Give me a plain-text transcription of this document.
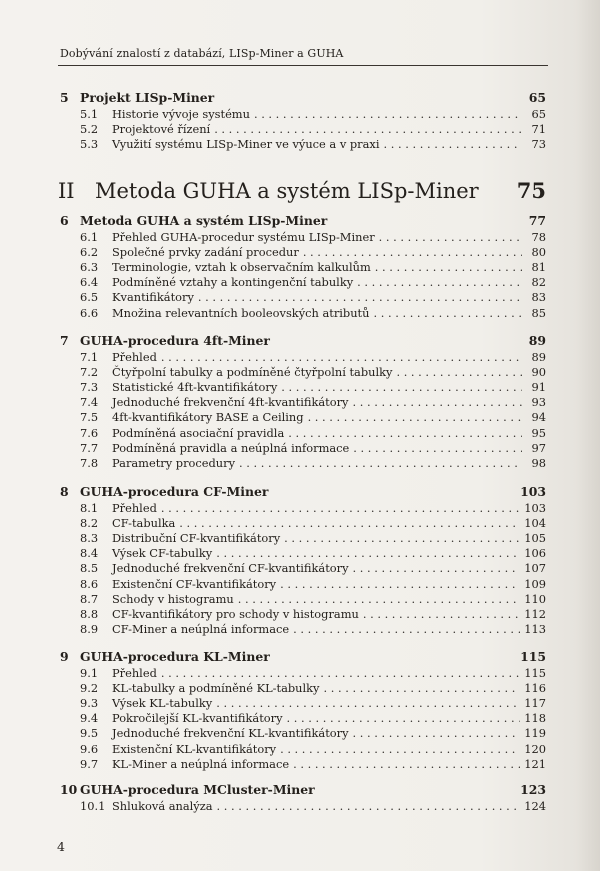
Dobývání znalostí z databází, LISp-Miner a GUHA
II Metoda GUHA a systém LISp-Miner 75
5 Projekt LISp-Miner	65
5.1	Historie vývoje systému . . .	65
5.2	Projektové řízení . . .	71
5.3	Využití systému LISp-Miner ve výuce a v praxi . . .	73
6 Metoda GUHA a systém LISp-Miner	77
6.1	Přehled GUHA-procedur systému LISp-Miner . . .	78
6.2	Společné prvky zadání procedur . . .	80
6.3	Terminologie, vztah k observačním kalkulům . . .	81
6.4	Podmíněné vztahy a kontingenční tabulky . . .	82
6.5	Kvantifikátory . . .	83
6.6	Množina relevantních booleovských atributů . . .	85
7 GUHA-procedura 4ft-Miner	89
7.1	Přehled . . .	89
7.2	Čtyřpolní tabulky a podmíněné čtyřpolní tabulky . . .	90
7.3	Statistické 4ft-kvantifikátory . . .	91
7.4	Jednoduché frekvenční 4ft-kvantifikátory . . .	93
7.5	4ft-kvantifikátory BASE a Ceiling . . .	94
7.6	Podmíněná asociační pravidla . . .	95
7.7	Podmíněná pravidla a neúplná informace . . .	97
7.8	Parametry procedury . . .	98
8 GUHA-procedura CF-Miner	103
8.1	Přehled . . .	103
8.2	CF-tabulka . . .	104
8.3	Distribuční CF-kvantifikátory . . .	105
8.4	Výsek CF-tabulky . . .	106
8.5	Jednoduché frekvenční CF-kvantifikátory . . .	107
8.6	Existenční CF-kvantifikátory . . .	109
8.7	Schody v histogramu . . .	110
8.8	CF-kvantifikátory pro schody v histogramu . . .	112
8.9	CF-Miner a neúplná informace . . .	113
9 GUHA-procedura KL-Miner	115
9.1	Přehled . . .	115
9.2	KL-tabulky a podmíněné KL-tabulky . . .	116
9.3	Výsek KL-tabulky . . .	117
9.4	Pokročilejší KL-kvantifikátory . . .	118
9.5	Jednoduché frekvenční KL-kvantifikátory . . .	119
9.6	Existenční KL-kvantifikátory . . .	120
9.7	KL-Miner a neúplná informace . . .	121
10 GUHA-procedura MCluster-Miner	123
10.1 Shluková analýza . . .	124
4
